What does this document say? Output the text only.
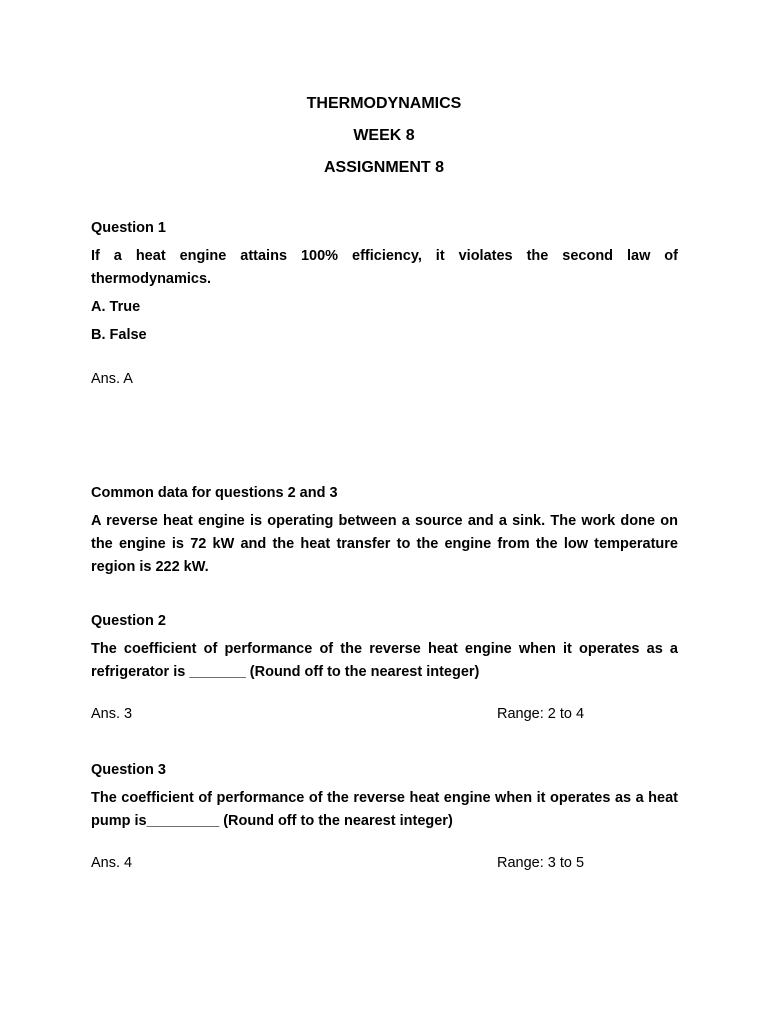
THERMODYNAMICS
WEEK 8
ASSIGNMENT 8
Question 1
If a heat engine attains 100% efficiency, it violates the second law of thermodynamics.
A. True
B. False
Ans. A
Common data for questions 2 and 3
A reverse heat engine is operating between a source and a sink. The work done on the engine is 72 kW and the heat transfer to the engine from the low temperature region is 222 kW.
Question 2
The coefficient of performance of the reverse heat engine when it operates as a refrigerator is _______ (Round off to the nearest integer)
Ans. 3	Range: 2 to 4
Question 3
The coefficient of performance of the reverse heat engine when it operates as a heat pump is_________ (Round off to the nearest integer)
Ans. 4	Range: 3 to 5
